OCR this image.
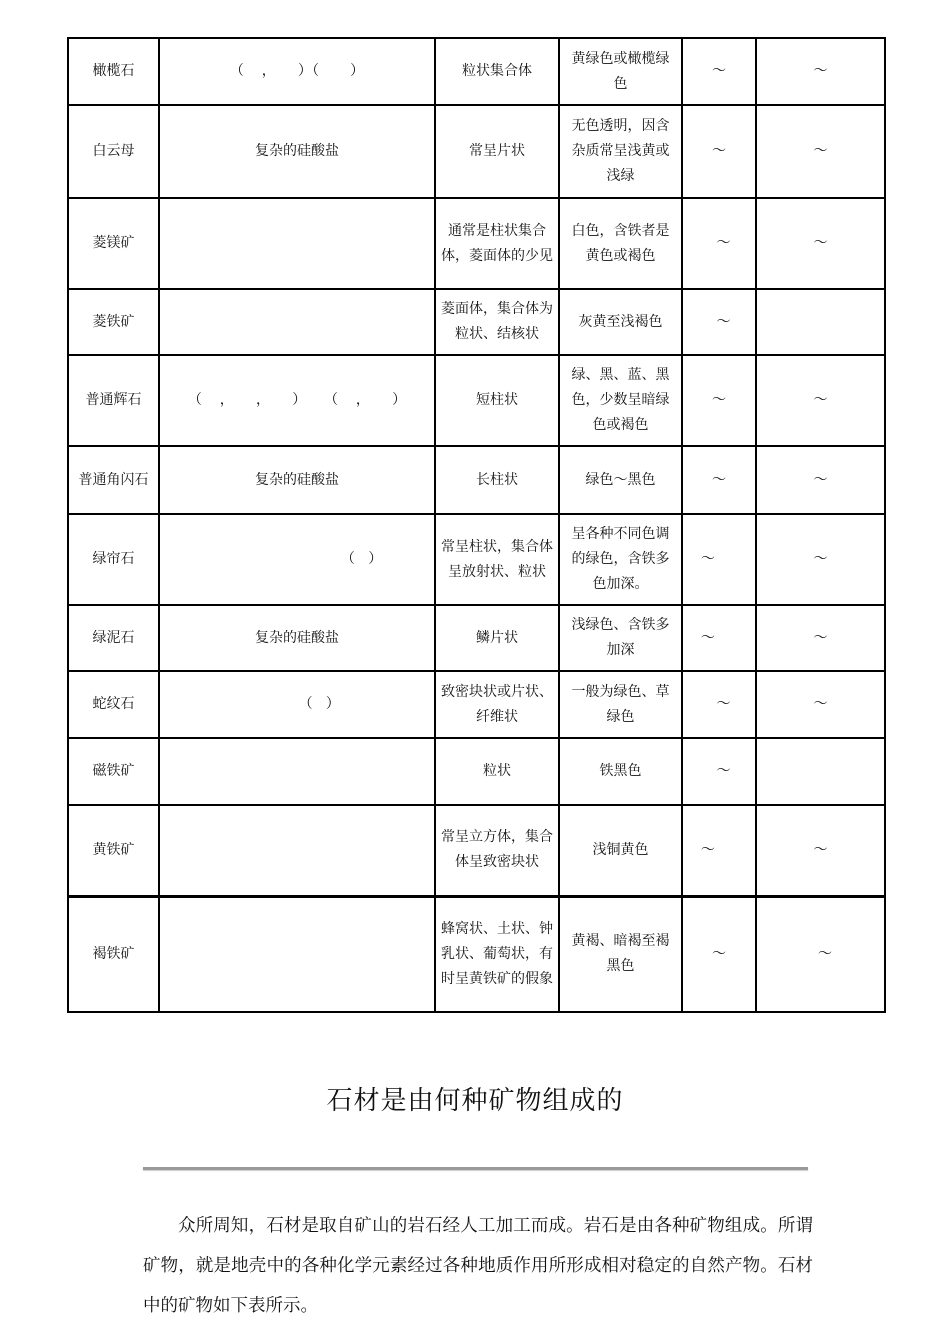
橄榄石	（    ，     ）（       ）	粒状集合体	黄绿色或橄榄绿色	～	～
白云母	复杂的硅酸盐	常呈片状	无色透明，因含杂质常呈浅黄或浅绿	～	～
菱镁矿		通常是柱状集合体，菱面体的少见	白色，含铁者是黄色或褐色	～	～
菱铁矿		菱面体，集合体为粒状、结核状	灰黄至浅褐色	～

普通辉石	（    ，     ，     ）    （    ，     ）	短柱状	绿、黑、蓝、黑色，少数呈暗绿色或褐色	～	～
普通角闪石	复杂的硅酸盐	长柱状	绿色～黑色	～	～
绿帘石	（   ）	常呈柱状，集合体呈放射状、粒状	呈各种不同色调的绿色，含铁多色加深。	～	～
绿泥石	复杂的硅酸盐	鳞片状	浅绿色、含铁多加深	～	～
蛇纹石	（   ）	致密块状或片状、纤维状	一般为绿色、草绿色	～	～
磁铁矿		粒状	铁黑色	～

黄铁矿		常呈立方体，集合体呈致密块状	浅铜黄色	～	～
褐铁矿		蜂窝状、土状、钟乳状、葡萄状，有时呈黄铁矿的假象	黄褐、暗褐至褐黑色	～	～
石材是由何种矿物组成的

众所周知，石材是取自矿山的岩石经人工加工而成。岩石是由各种矿物组成。所谓矿物，就是地壳中的各种化学元素经过各种地质作用所形成相对稳定的自然产物。石材中的矿物如下表所示。
